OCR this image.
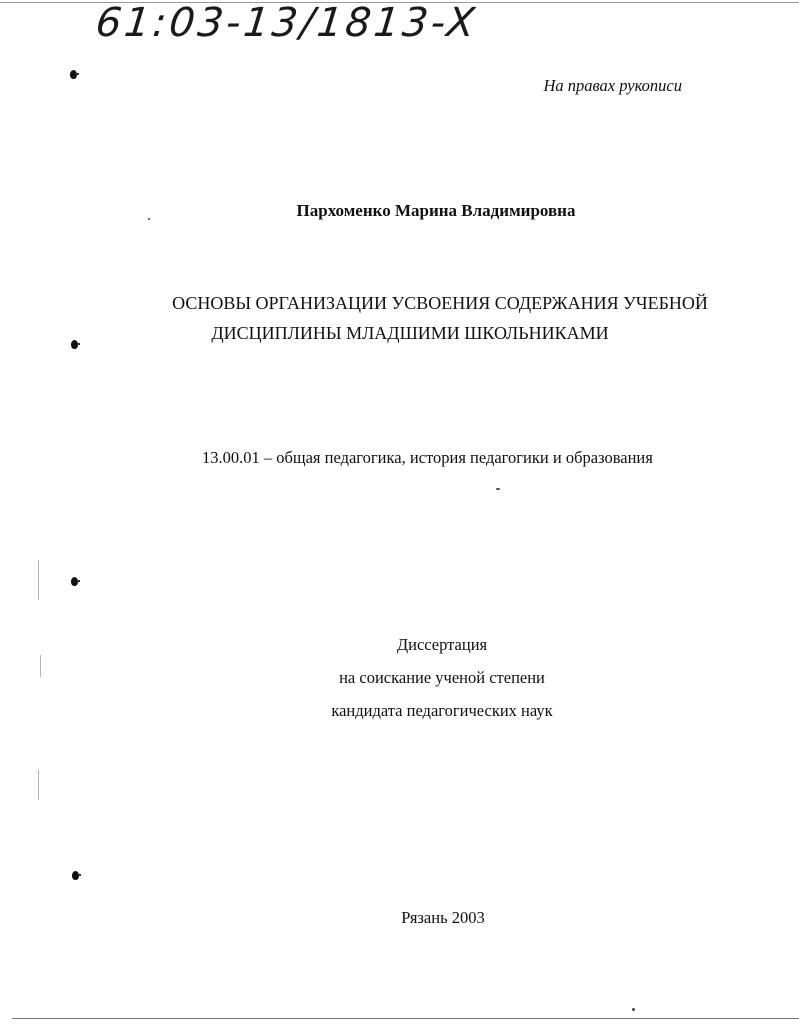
61:03-13/1813-X
На правах рукописи
Пархоменко Марина Владимировна
ОСНОВЫ ОРГАНИЗАЦИИ УСВОЕНИЯ СОДЕРЖАНИЯ УЧЕБНОЙ
ДИСЦИПЛИНЫ МЛАДШИМИ ШКОЛЬНИКАМИ
13.00.01 – общая педагогика, история педагогики и образования
Диссертация
на соискание ученой степени
кандидата педагогических наук
Рязань 2003
